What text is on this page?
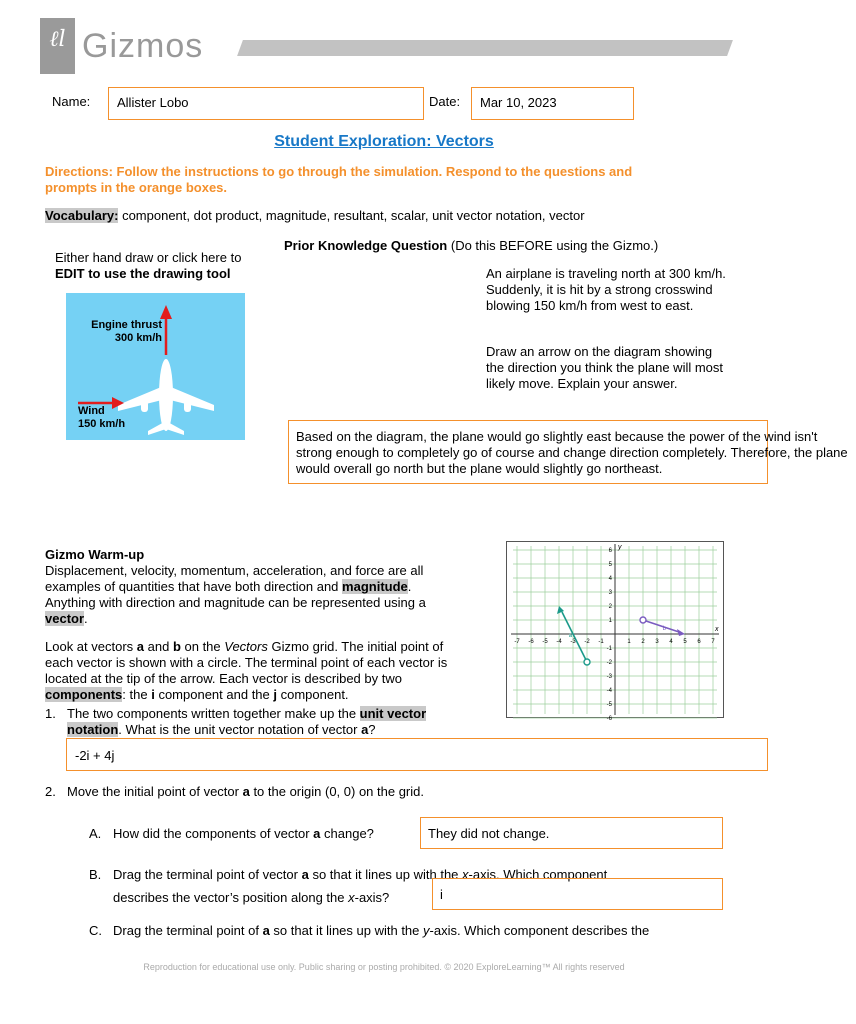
ℓl Gizmos
Name: Allister Lobo	Date: Mar 10, 2023
Student Exploration: Vectors
Directions: Follow the instructions to go through the simulation. Respond to the questions and prompts in the orange boxes.
Vocabulary: component, dot product, magnitude, resultant, scalar, unit vector notation, vector
Either hand draw or click here to
EDIT to use the drawing tool
Engine thrust
300 km/h
Wind
150 km/h
Prior Knowledge Question (Do this BEFORE using the Gizmo.)
An airplane is traveling north at 300 km/h. Suddenly, it is hit by a strong crosswind blowing 150 km/h from west to east.
Draw an arrow on the diagram showing the direction you think the plane will most likely move. Explain your answer.
Based on the diagram, the plane would go slightly east because the power of the wind isn't strong enough to completely go of course and change direction completely. Therefore, the plane would overall go north but the plane would slightly go northeast.

Gizmo Warm-up

Displacement, velocity, momentum, acceleration, and force are all examples of quantities that have both direction and magnitude. Anything with direction and magnitude can be represented using a vector.

Look at vectors a and b on the Vectors Gizmo grid. The initial point of each vector is shown with a circle. The terminal point of each vector is located at the tip of the arrow. Each vector is described by two components: the i component and the j component.

-7 -6 -5 -4 -3 -2 -1	1 2 3 4 5 6 7
6
5
4
3
2
1
-1
-2
-3
-4
-5
-6
x
y
a
b
1. The two components written together make up the unit vector
notation. What is the unit vector notation of vector a?
-2i + 4j
2. Move the initial point of vector a to the origin (0, 0) on the grid.
A. How did the components of vector a change?	They did not change.
B. Drag the terminal point of vector a so that it lines up with the x-axis. Which component
describes the vector’s position along the x-axis?	i
C. Drag the terminal point of a so that it lines up with the y-axis. Which component describes the
Reproduction for educational use only. Public sharing or posting prohibited. © 2020 ExploreLearning™ All rights reserved
